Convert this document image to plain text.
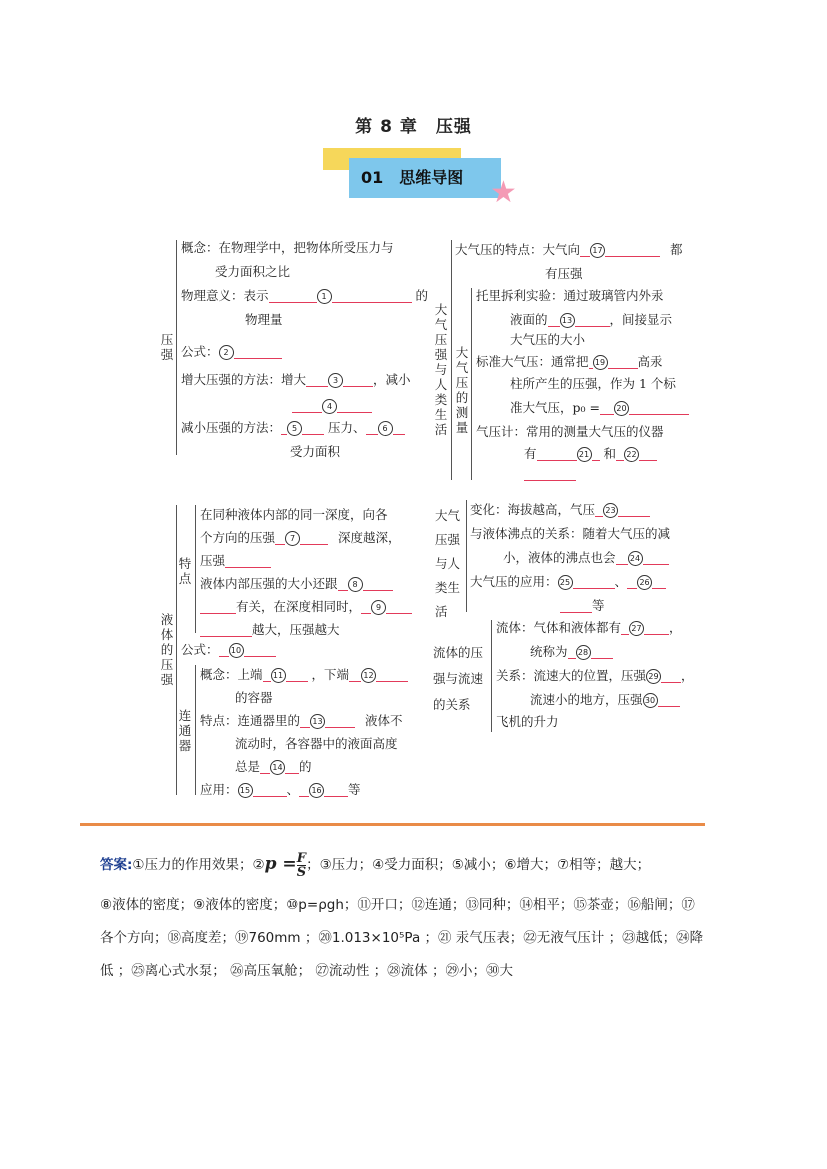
第 8 章　压强
01　思维导图 ★
压强
概念：在物理学中，把物体所受压力与
受力面积之比
物理意义：表示	1	的
物理量
公式： 2
增大压强的方法：增大	3	，减小
4
减小压强的方法： 5 压力、 6
受力面积
大气压强与人类生活
大气压的特点：大气向 17	都
有压强
大气压的测量
托里拆利实验：通过玻璃管内外汞
液面的 13	，间接显示
大气压的大小
标准大气压：通常把 19	高汞
柱所产生的压强，作为 1 个标
准大气压，p₀ = 20
气压计：常用的测量大气压的仪器
有	21 和 22
大气压强与人类生活
变化：海拔越高，气压 23
与液体沸点的关系：随着大气压的减
小，液体的沸点也会 24
大气压的应用： 25	、 26
等
流体的压强与流速的关系
流体：气体和液体都有 27 ，
统称为 28
关系：流速大的位置，压强 29 ，
流速小的地方，压强 30
飞机的升力
液体的压强
特点
在同种液体内部的同一深度，向各
个方向的压强 7	深度越深，
压强
液体内部压强的大小还跟 8
有关，在深度相同时， 9
越大，压强越大
公式： 10
连通器
概念：上端 11 ，下端 12
的容器
特点：连通器里的 13	液体不
流动时，各容器中的液面高度
总是 14 的
应用： 15	、 16 等
答案:①压力的作用效果；②p = $\frac{F}{S}$ ；③压力；④受力面积；⑤减小；⑥增大；⑦相等；越大；
⑧液体的密度；⑨液体的密度；⑩p=ρgh；⑪开口；⑫连通；⑬同种；⑭相平；⑮茶壶；⑯船闸；⑰
各个方向；⑱高度差；⑲760mm ；⑳1.013×10⁵Pa ；㉑ 汞气压表；㉒无液气压计 ；㉓越低；㉔降
低 ；㉕离心式水泵； ㉖高压氧舱； ㉗流动性 ；㉘流体 ；㉙小；㉚大
